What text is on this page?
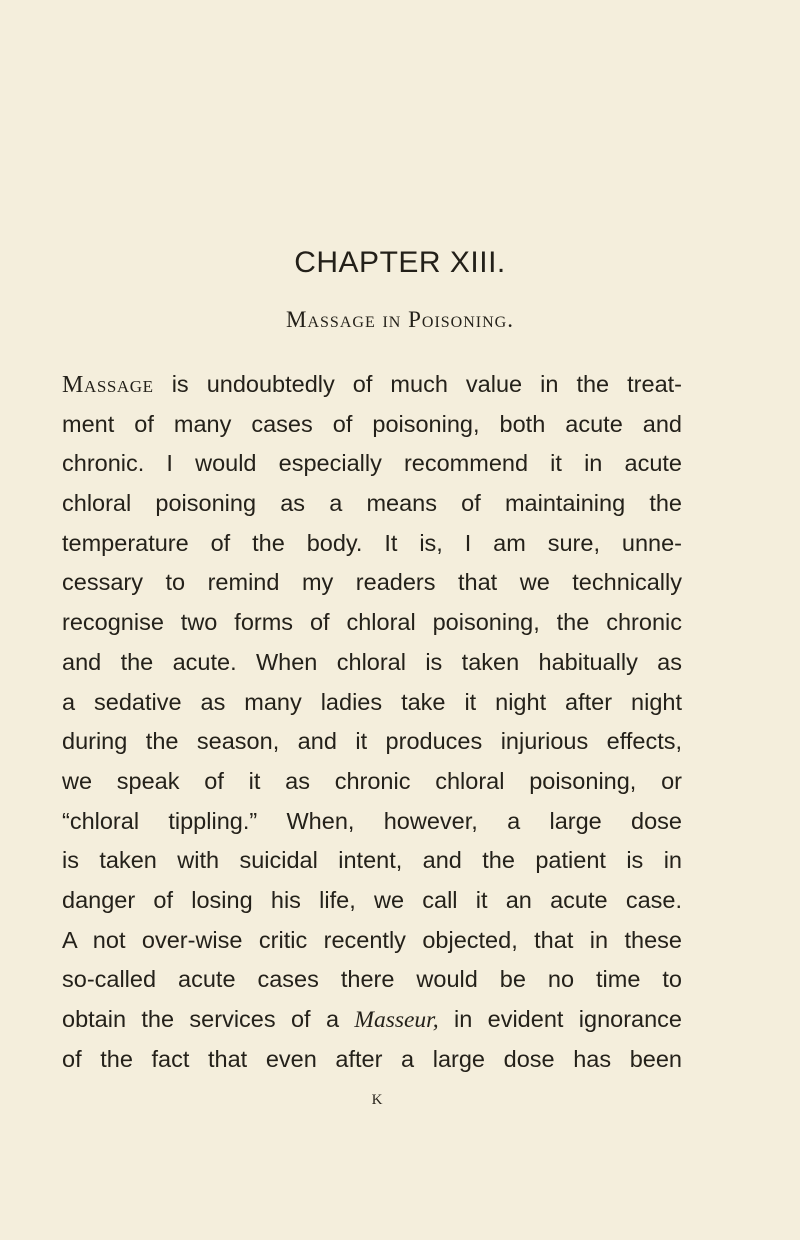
CHAPTER XIII.
Massage in Poisoning.
Massage is undoubtedly of much value in the treat-
ment of many cases of poisoning, both acute and
chronic. I would especially recommend it in acute
chloral poisoning as a means of maintaining the
temperature of the body. It is, I am sure, unne-
cessary to remind my readers that we technically
recognise two forms of chloral poisoning, the chronic
and the acute. When chloral is taken habitually as
a sedative as many ladies take it night after night
during the season, and it produces injurious effects,
we speak of it as chronic chloral poisoning, or
“chloral tippling.” When, however, a large dose
is taken with suicidal intent, and the patient is in
danger of losing his life, we call it an acute case.
A not over-wise critic recently objected, that in these
so-called acute cases there would be no time to
obtain the services of a Masseur, in evident ignorance
of the fact that even after a large dose has been
K
